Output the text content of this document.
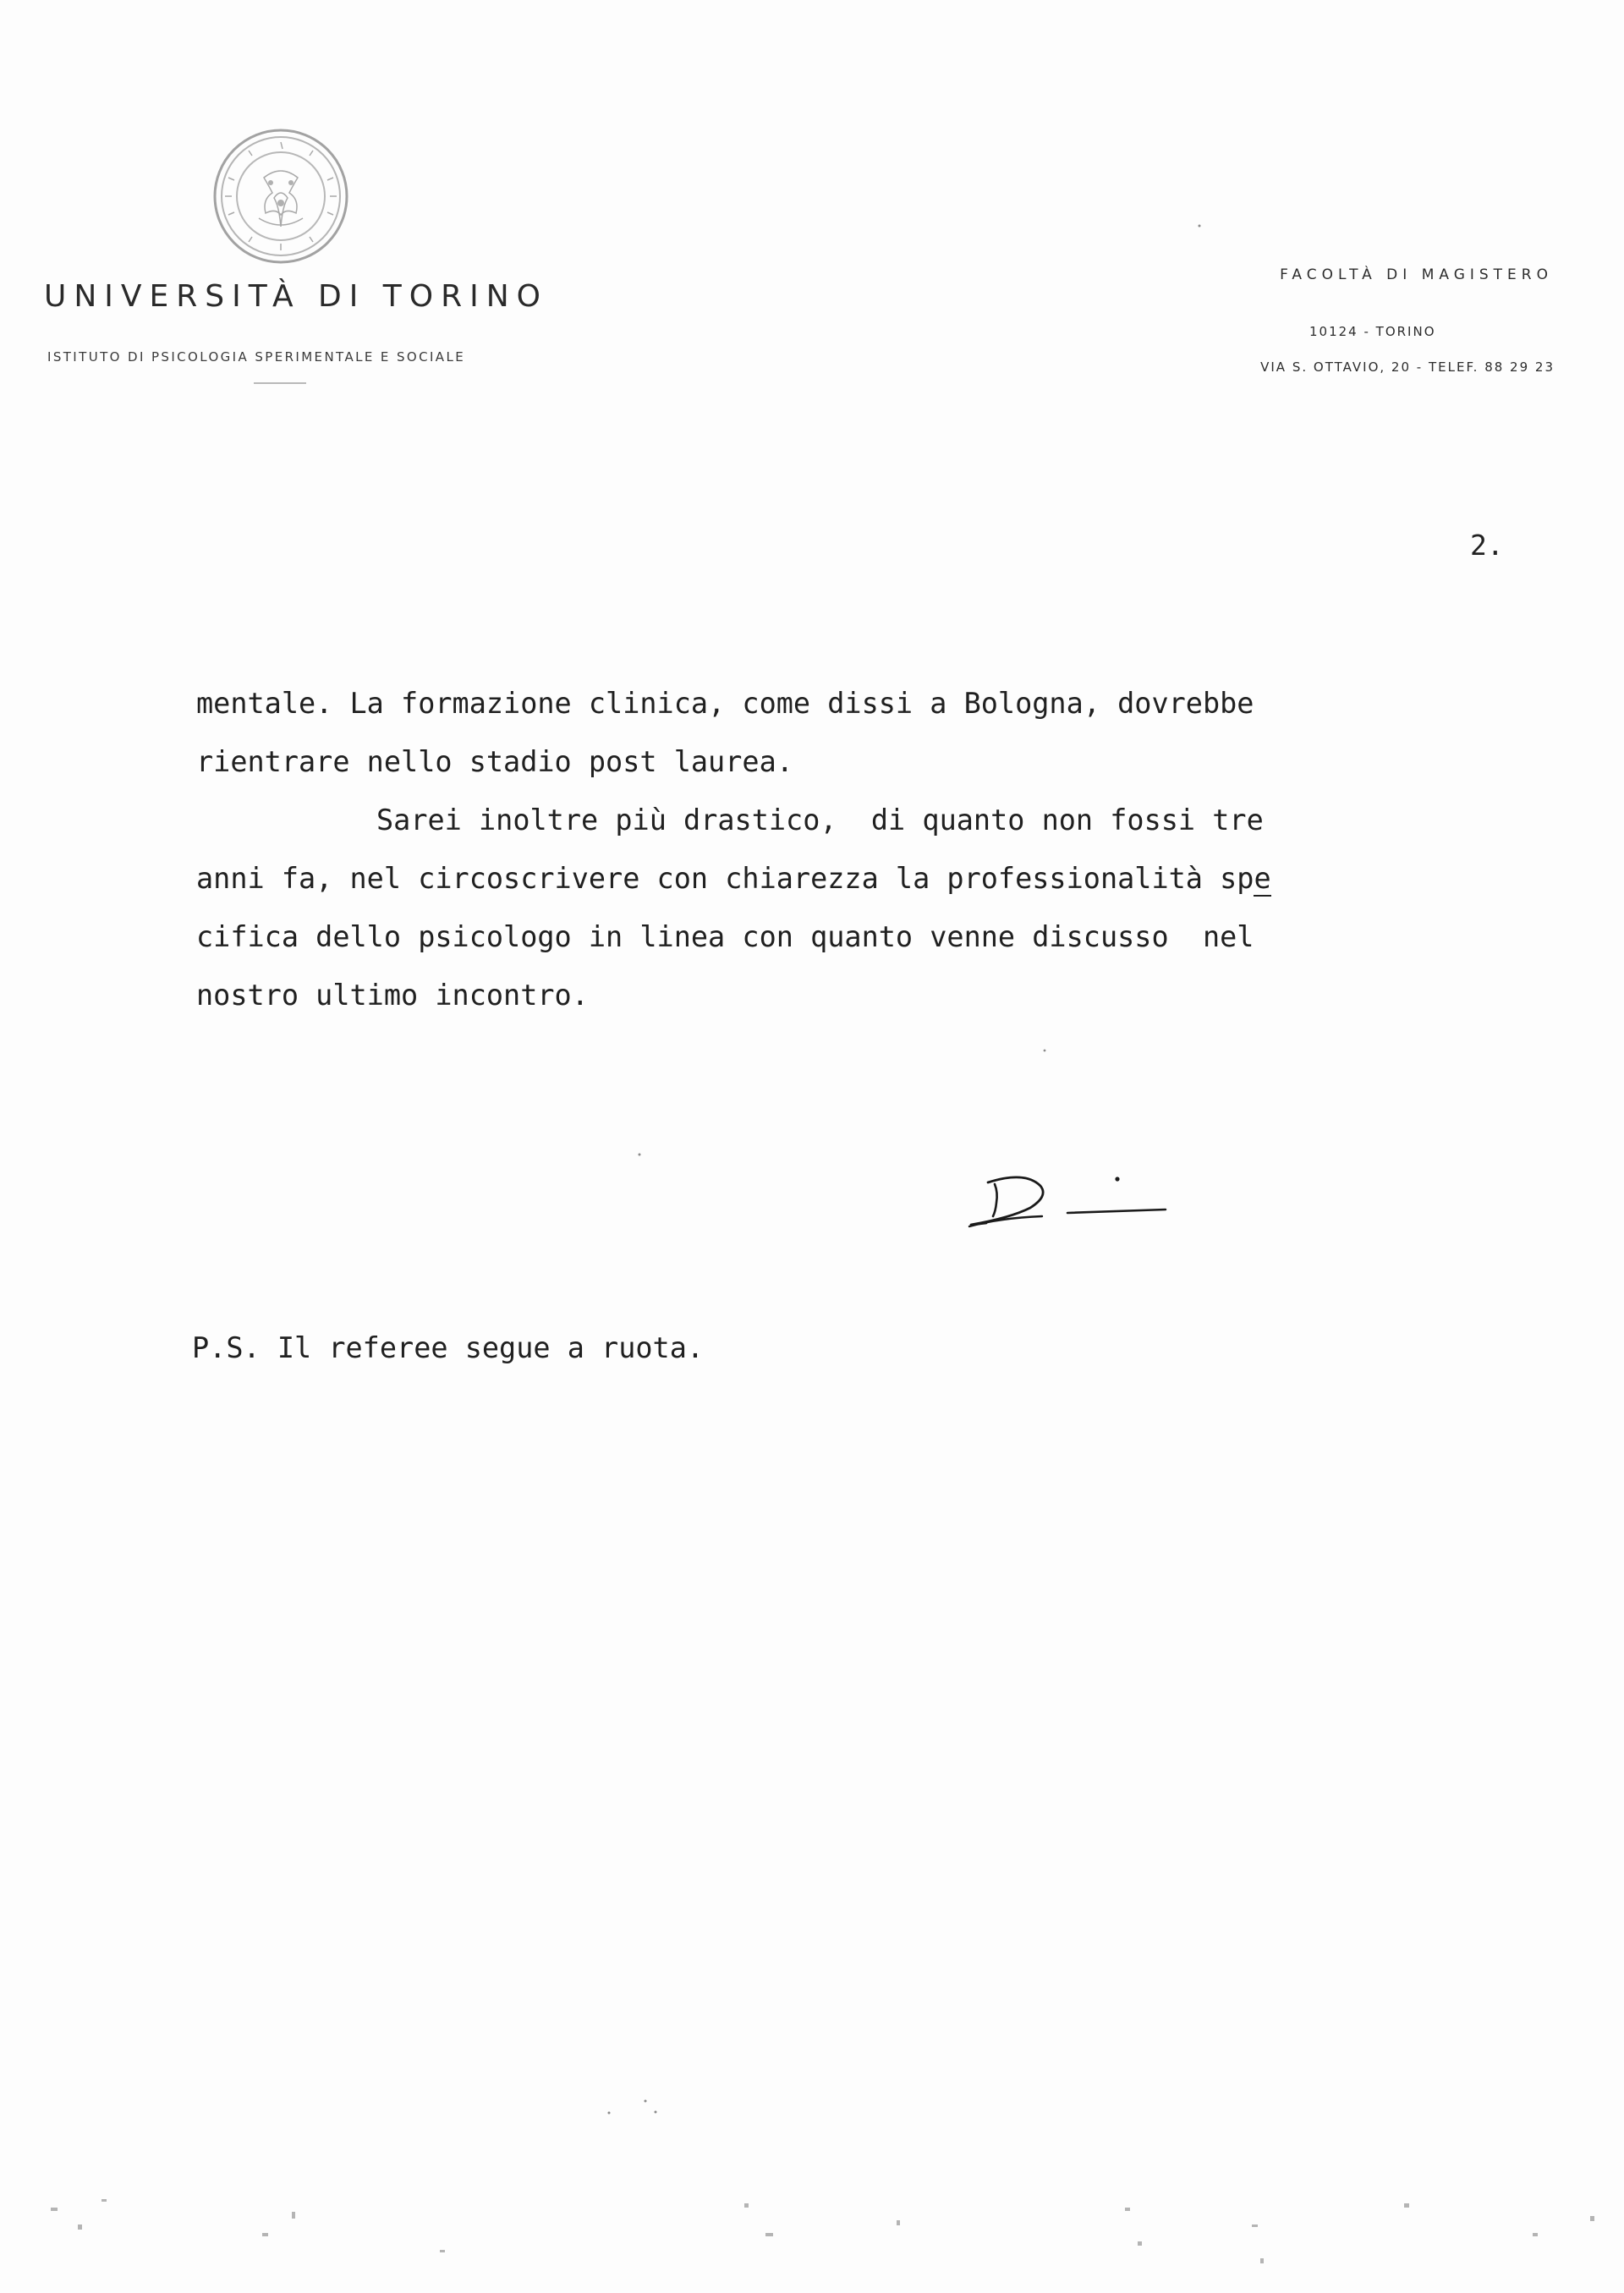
UNIVERSITÀ DI TORINO
ISTITUTO DI PSICOLOGIA SPERIMENTALE E SOCIALE
FACOLTÀ DI MAGISTERO
10124 - TORINO
VIA S. OTTAVIO, 20 - TELEF. 88 29 23
2.
mentale. La formazione clinica, come dissi a Bologna, dovrebbe
rientrare nello stadio post laurea.
Sarei inoltre più drastico,  di quanto non fossi tre
anni fa, nel circoscrivere con chiarezza la professionalità spe
cifica dello psicologo in linea con quanto venne discusso  nel
nostro ultimo incontro.
P.S. Il referee segue a ruota.
